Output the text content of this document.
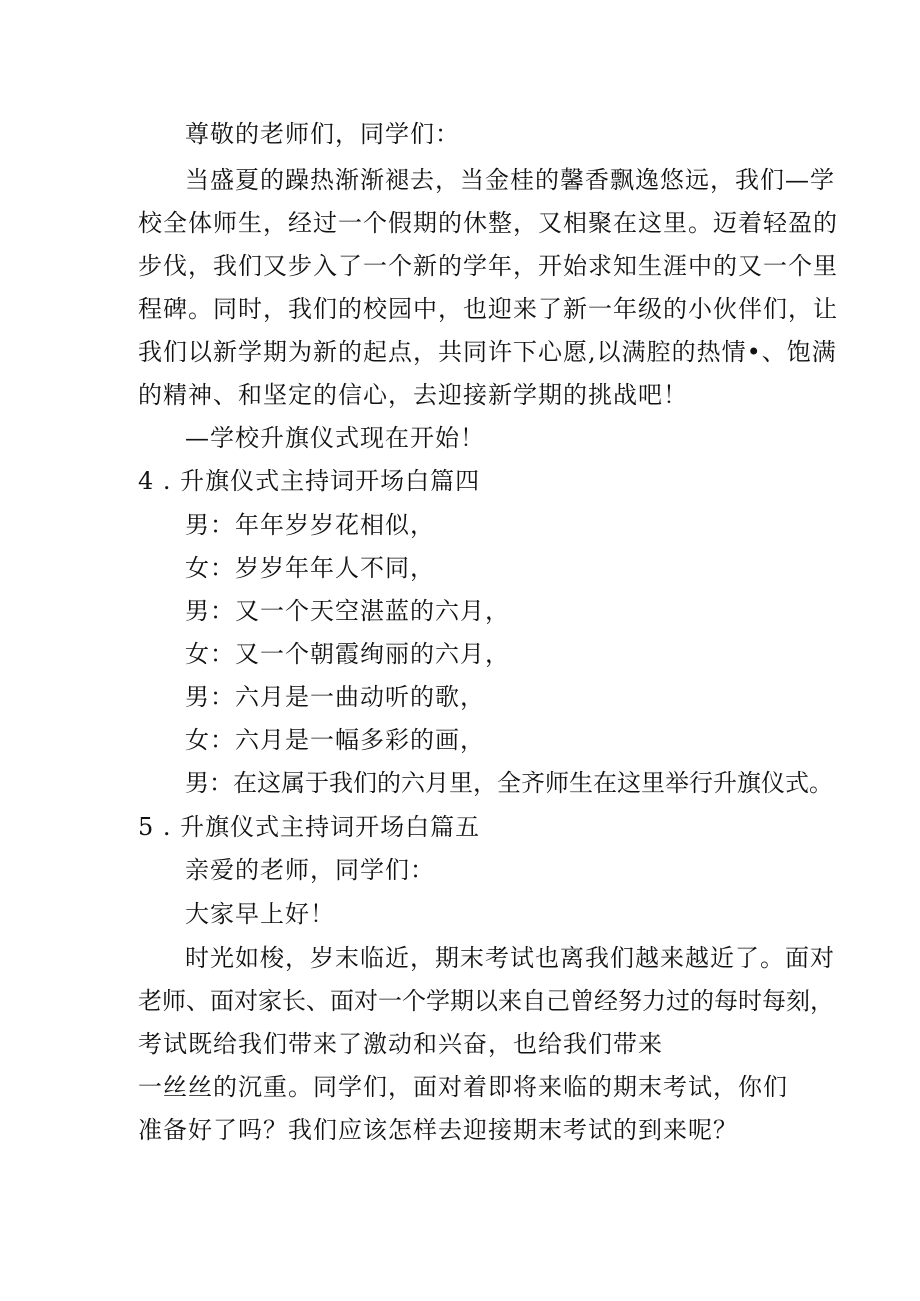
尊敬的老师们，同学们：
当盛夏的躁热渐渐褪去，当金桂的馨香飘逸悠远，我们—学
校全体师生，经过一个假期的休整，又相聚在这里。迈着轻盈的
步伐，我们又步入了一个新的学年，开始求知生涯中的又一个里
程碑。同时，我们的校园中，也迎来了新一年级的小伙伴们，让
我们以新学期为新的起点，共同许下心愿,以满腔的热情•、饱满
的精神、和坚定的信心，去迎接新学期的挑战吧！
—学校升旗仪式现在开始！
4 . 升旗仪式主持词开场白篇四
男：年年岁岁花相似，
女：岁岁年年人不同，
男：又一个天空湛蓝的六月，
女：又一个朝霞绚丽的六月，
男：六月是一曲动听的歌，
女：六月是一幅多彩的画，
男：在这属于我们的六月里，全齐师生在这里举行升旗仪式。
5 . 升旗仪式主持词开场白篇五
亲爱的老师，同学们：
大家早上好！
时光如梭，岁末临近，期末考试也离我们越来越近了。面对
老师、面对家长、面对一个学期以来自己曾经努力过的每时每刻，
考试既给我们带来了激动和兴奋，也给我们带来
一丝丝的沉重。同学们，面对着即将来临的期末考试，你们
准备好了吗？我们应该怎样去迎接期末考试的到来呢？
